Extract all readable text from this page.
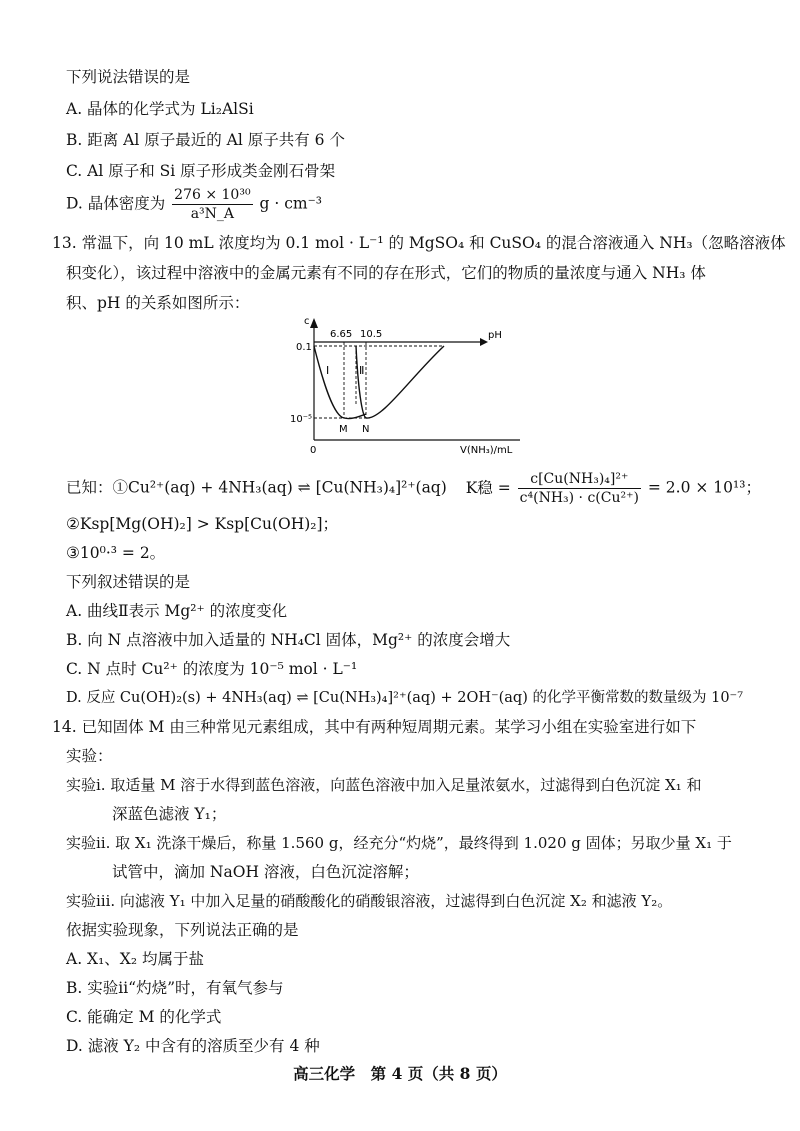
下列说法错误的是
A. 晶体的化学式为 Li₂AlSi
B. 距离 Al 原子最近的 Al 原子共有 6 个
C. Al 原子和 Si 原子形成类金刚石骨架
D. 晶体密度为 $\frac{\text{276 × 10³⁰}}{\text{a³N\_A}}$ g · cm⁻³
13. 常温下，向 10 mL 浓度均为 0.1 mol · L⁻¹ 的 MgSO₄ 和 CuSO₄ 的混合溶液通入 NH₃（忽略溶液体
积变化），该过程中溶液中的金属元素有不同的存在形式，它们的物质的量浓度与通入 NH₃ 体
积、pH 的关系如图所示：
c
pH
6.65 10.5
0.1
10⁻⁵
0
M N
Ⅰ	Ⅱ
V(NH₃)/mL
已知：①Cu²⁺(aq) + 4NH₃(aq) ⇌ [Cu(NH₃)₄]²⁺(aq) K稳 = $\frac{\text{c[Cu(NH₃)₄]²⁺}}{\text{c⁴(NH₃) · c(Cu²⁺)}} = 2.0 \times 10^{13}$；
②Ksp[Mg(OH)₂] > Ksp[Cu(OH)₂]；
③10⁰·³ = 2。
下列叙述错误的是
A. 曲线Ⅱ表示 Mg²⁺ 的浓度变化
B. 向 N 点溶液中加入适量的 NH₄Cl 固体，Mg²⁺ 的浓度会增大
C. N 点时 Cu²⁺ 的浓度为 10⁻⁵ mol · L⁻¹
D. 反应 Cu(OH)₂(s) + 4NH₃(aq) ⇌ [Cu(NH₃)₄]²⁺(aq) + 2OH⁻(aq) 的化学平衡常数的数量级为 10⁻⁷
14. 已知固体 M 由三种常见元素组成，其中有两种短周期元素。某学习小组在实验室进行如下
实验：
实验ⅰ. 取适量 M 溶于水得到蓝色溶液，向蓝色溶液中加入足量浓氨水，过滤得到白色沉淀 X₁ 和
深蓝色滤液 Y₁；
实验ⅱ. 取 X₁ 洗涤干燥后，称量 1.560 g，经充分“灼烧”，最终得到 1.020 g 固体；另取少量 X₁ 于
试管中，滴加 NaOH 溶液，白色沉淀溶解；
实验ⅲ. 向滤液 Y₁ 中加入足量的硝酸酸化的硝酸银溶液，过滤得到白色沉淀 X₂ 和滤液 Y₂。
依据实验现象，下列说法正确的是
A. X₁、X₂ 均属于盐
B. 实验ⅱ“灼烧”时，有氧气参与
C. 能确定 M 的化学式
D. 滤液 Y₂ 中含有的溶质至少有 4 种
高三化学　第 4 页（共 8 页）
